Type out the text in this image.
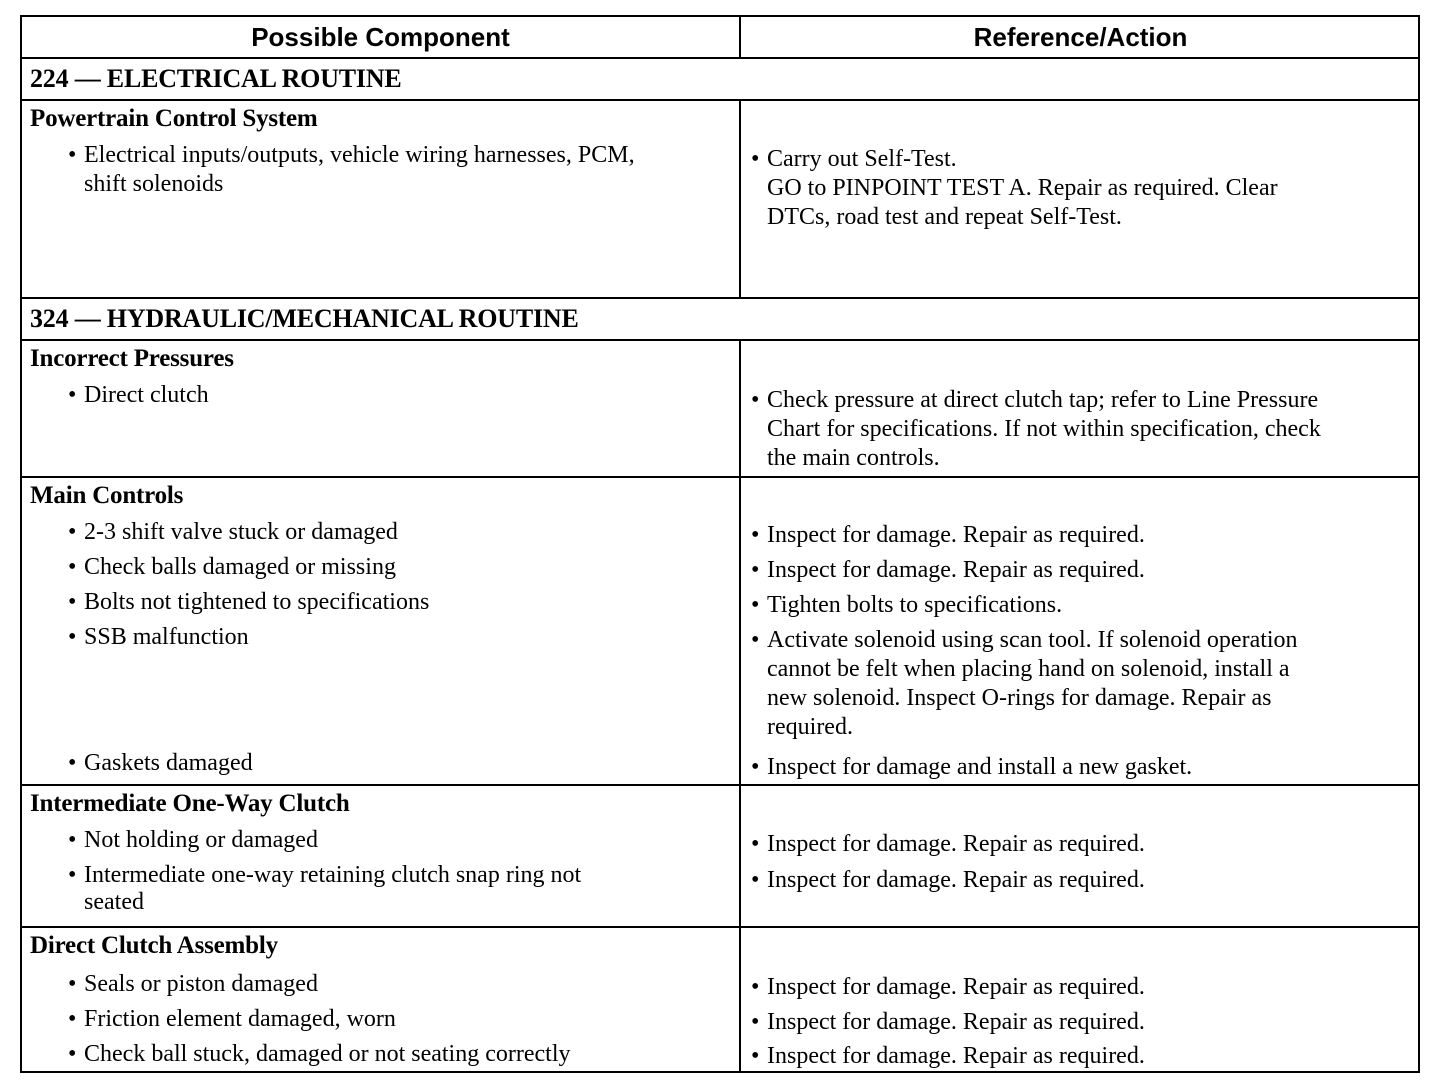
Possible Component	Reference/Action
224 — ELECTRICAL ROUTINE
Powertrain Control System
• Electrical inputs/outputs, vehicle wiring harnesses, PCM,
shift solenoids
• Carry out Self-Test.
GO to PINPOINT TEST A. Repair as required. Clear
DTCs, road test and repeat Self-Test.
324 — HYDRAULIC/MECHANICAL ROUTINE
Incorrect Pressures
• Direct clutch	• Check pressure at direct clutch tap; refer to Line Pressure
Chart for specifications. If not within specification, check
the main controls.
Main Controls
• 2-3 shift valve stuck or damaged
• Check balls damaged or missing
• Bolts not tightened to specifications
• SSB malfunction
• Gaskets damaged
• Inspect for damage. Repair as required.
• Inspect for damage. Repair as required.
• Tighten bolts to specifications.
• Activate solenoid using scan tool. If solenoid operation
cannot be felt when placing hand on solenoid, install a
new solenoid. Inspect O-rings for damage. Repair as
required.
• Inspect for damage and install a new gasket.
Intermediate One-Way Clutch
• Not holding or damaged
• Intermediate one-way retaining clutch snap ring not
seated
• Inspect for damage. Repair as required.
• Inspect for damage. Repair as required.
Direct Clutch Assembly
• Seals or piston damaged
• Friction element damaged, worn
• Check ball stuck, damaged or not seating correctly
• Inspect for damage. Repair as required.
• Inspect for damage. Repair as required.
• Inspect for damage. Repair as required.
